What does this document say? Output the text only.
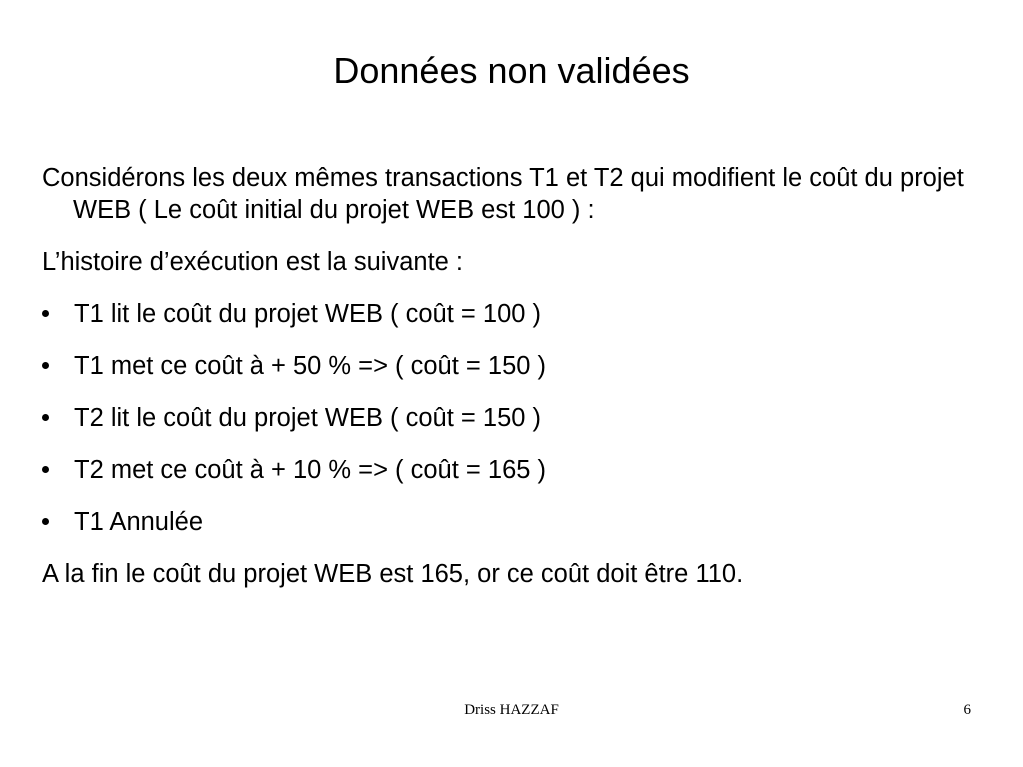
Données non validées

Considérons les deux mêmes transactions T1 et T2 qui modifient le coût du projet WEB ( Le coût initial du projet WEB est 100 ) :

L’histoire d’exécution est la suivante :

T1 lit le coût du projet WEB ( coût = 100 )
T1 met ce coût à + 50 % => ( coût = 150 )
T2 lit le coût du projet WEB ( coût = 150 )
T2 met ce coût à + 10 % => ( coût = 165 )
T1 Annulée

A la fin le coût du projet WEB est 165, or ce coût doit être 110.

Driss HAZZAF	6
